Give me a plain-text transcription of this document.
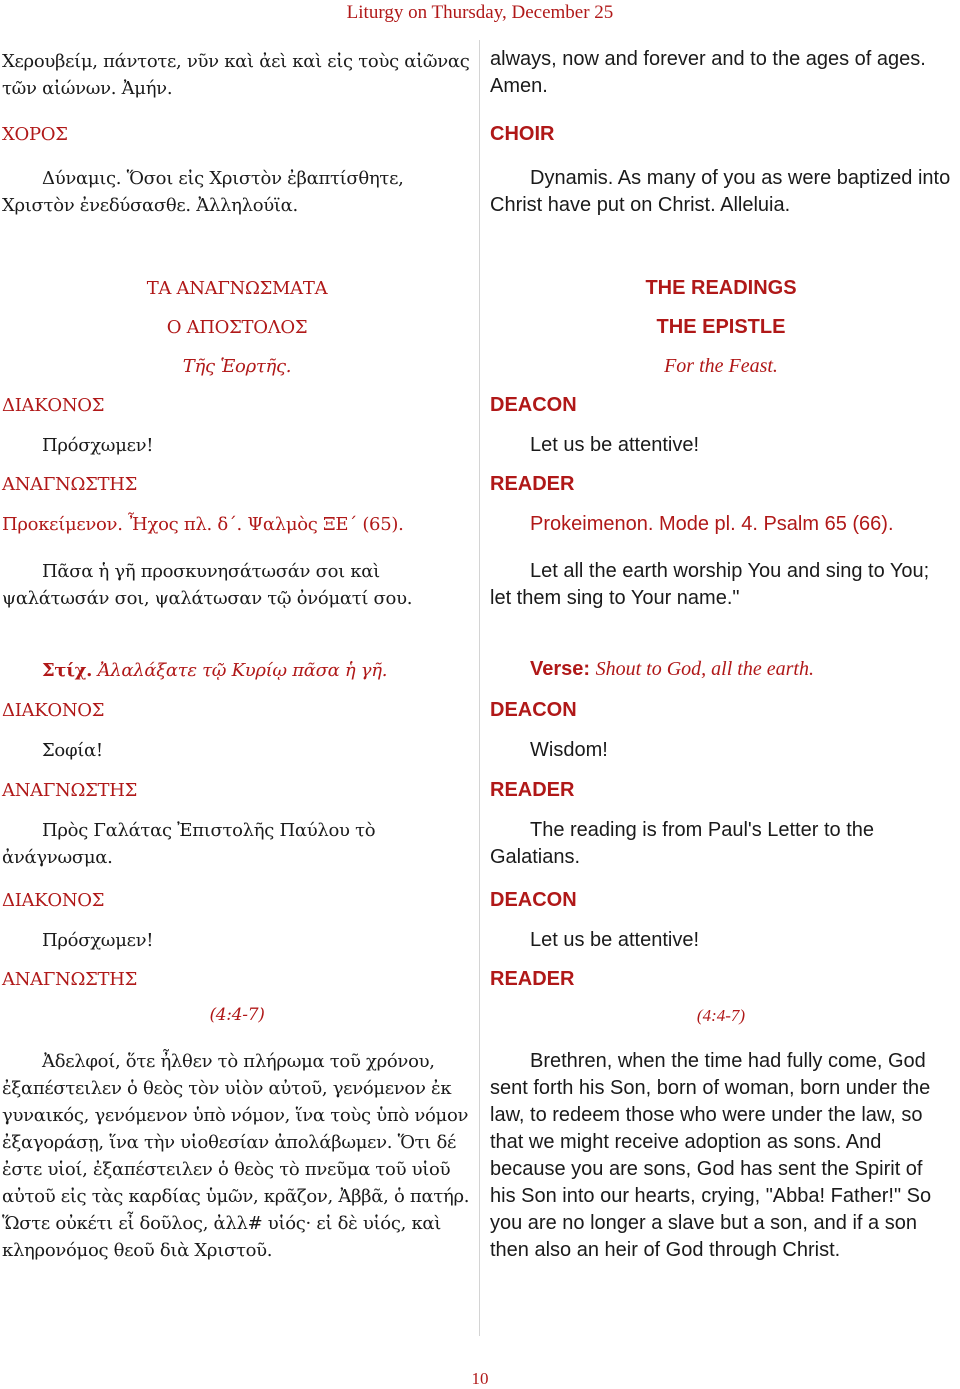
Liturgy on Thursday, December 25

Χερουβείμ, πάντοτε, νῦν καὶ ἀεὶ καὶ εἰς τοὺς αἰῶνας τῶν αἰώνων. Ἀμήν.

ΧΟΡΟΣ

Δύναμις. Ὅσοι εἰς Χριστὸν ἐβαπτίσθητε, Χριστὸν ἐνεδύσασθε. Ἀλληλούϊα.

ΤΑ ΑΝΑΓΝΩΣΜΑΤΑ

Ο ΑΠΟΣΤΟΛΟΣ

Τῆς Ἑορτῆς.

ΔΙΑΚΟΝΟΣ

Πρόσχωμεν!

ΑΝΑΓΝΩΣΤΗΣ

Προκείμενον. Ἦχος πλ. δ΄. Ψαλμὸς ΞΕ΄ (65).

Πᾶσα ἡ γῆ προσκυνησάτωσάν σοι καὶ ψαλάτωσάν σοι, ψαλάτωσαν τῷ ὀνόματί σου.

Στίχ. Ἀλαλάξατε τῷ Κυρίῳ πᾶσα ἡ γῆ.

ΔΙΑΚΟΝΟΣ

Σοφία!

ΑΝΑΓΝΩΣΤΗΣ

Πρὸς Γαλάτας Ἐπιστολῆς Παύλου τὸ ἀνάγνωσμα.

ΔΙΑΚΟΝΟΣ

Πρόσχωμεν!

ΑΝΑΓΝΩΣΤΗΣ

(4:4-7)

Ἀδελφοί, ὅτε ἦλθεν τὸ πλήρωμα τοῦ χρόνου, ἐξαπέστειλεν ὁ θεὸς τὸν υἱὸν αὐτοῦ, γενόμενον ἐκ γυναικός, γενόμενον ὑπὸ νόμον, ἵνα τοὺς ὑπὸ νόμον ἐξαγοράσῃ, ἵνα τὴν υἱοθεσίαν ἀπολάβωμεν. Ὅτι δέ ἐστε υἱοί, ἐξαπέστειλεν ὁ θεὸς τὸ πνεῦμα τοῦ υἱοῦ αὐτοῦ εἰς τὰς καρδίας ὑμῶν, κρᾶζον, Ἀββᾶ, ὁ πατήρ. Ὥστε οὐκέτι εἶ δοῦλος, ἀλλ# υἱός· εἰ δὲ υἱός, καὶ κληρονόμος θεοῦ διὰ Χριστοῦ.

always, now and forever and to the ages of ages. Amen.

CHOIR

Dynamis. As many of you as were baptized into Christ have put on Christ. Alleluia.

THE READINGS

THE EPISTLE

For the Feast.

DEACON

Let us be attentive!

READER

Prokeimenon. Mode pl. 4. Psalm 65 (66).

Let all the earth worship You and sing to You; let them sing to Your name."

Verse: Shout to God, all the earth.

DEACON

Wisdom!

READER

The reading is from Paul's Letter to the Galatians.

DEACON

Let us be attentive!

READER

(4:4-7)

Brethren, when the time had fully come, God sent forth his Son, born of woman, born under the law, to redeem those who were under the law, so that we might receive adoption as sons. And because you are sons, God has sent the Spirit of his Son into our hearts, crying, "Abba! Father!" So you are no longer a slave but a son, and if a son then also an heir of God through Christ.

10
